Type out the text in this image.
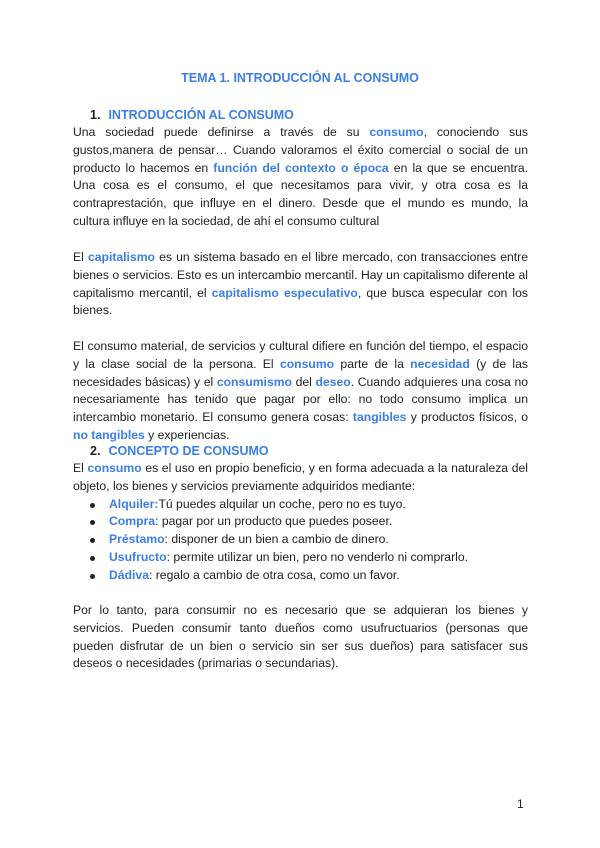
TEMA 1. INTRODUCCIÓN AL CONSUMO
1. INTRODUCCIÓN AL CONSUMO
Una sociedad puede definirse a través de su consumo, conociendo sus gustos,manera de pensar… Cuando valoramos el éxito comercial o social de un producto lo hacemos en función del contexto o época en la que se encuentra. Una cosa es el consumo, el que necesitamos para vivir, y otra cosa es la contraprestación, que influye en el dinero. Desde que el mundo es mundo, la cultura influye en la sociedad, de ahí el consumo cultural
El capitalismo es un sistema basado en el libre mercado, con transacciones entre bienes o servicios. Esto es un intercambio mercantil. Hay un capitalismo diferente al capitalismo mercantil, el capitalismo especulativo, que busca especular con los bienes.
El consumo material, de servicios y cultural difiere en función del tiempo, el espacio y la clase social de la persona. El consumo parte de la necesidad (y de las necesidades básicas) y el consumismo del deseo. Cuando adquieres una cosa no necesariamente has tenido que pagar por ello: no todo consumo implica un intercambio monetario. El consumo genera cosas: tangibles y productos físicos, o no tangibles y experiencias.
2. CONCEPTO DE CONSUMO
El consumo es el uso en propio beneficio, y en forma adecuada a la naturaleza del objeto, los bienes y servicios previamente adquiridos mediante:
Alquiler:Tú puedes alquilar un coche, pero no es tuyo.
Compra: pagar por un producto que puedes poseer.
Préstamo: disponer de un bien a cambio de dinero.
Usufructo: permite utilizar un bien, pero no venderlo ni comprarlo.
Dádiva: regalo a cambio de otra cosa, como un favor.
Por lo tanto, para consumir no es necesario que se adquieran los bienes y servicios. Pueden consumir tanto dueños como usufructuarios (personas que pueden disfrutar de un bien o servicio sin ser sus dueños) para satisfacer sus deseos o necesidades (primarias o secundarias).
1
